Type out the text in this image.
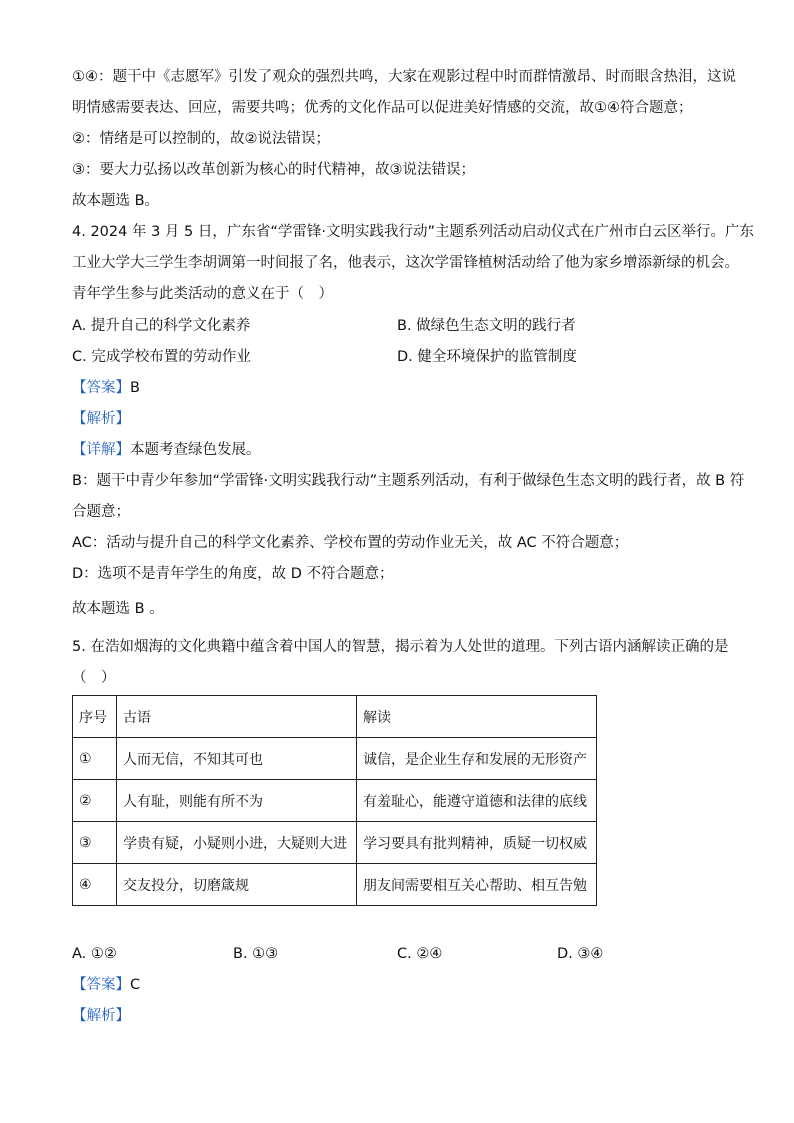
①④：题干中《志愿军》引发了观众的强烈共鸣，大家在观影过程中时而群情激昂、时而眼含热泪，这说
明情感需要表达、回应，需要共鸣；优秀的文化作品可以促进美好情感的交流，故①④符合题意；
②：情绪是可以控制的，故②说法错误；
③：要大力弘扬以改革创新为核心的时代精神，故③说法错误；
故本题选 B。
4. 2024 年 3 月 5 日，广东省“学雷锋·文明实践我行动”主题系列活动启动仪式在广州市白云区举行。广东
工业大学大三学生李胡调第一时间报了名，他表示，这次学雷锋植树活动给了他为家乡增添新绿的机会。
青年学生参与此类活动的意义在于（　）
A. 提升自己的科学文化素养	B. 做绿色生态文明的践行者
C. 完成学校布置的劳动作业	D. 健全环境保护的监管制度
【答案】B
【解析】
【详解】本题考查绿色发展。
B：题干中青少年参加“学雷锋·文明实践我行动”主题系列活动，有利于做绿色生态文明的践行者，故 B 符
合题意；
AC：活动与提升自己的科学文化素养、学校布置的劳动作业无关，故 AC 不符合题意；
D：选项不是青年学生的角度，故 D 不符合题意；
故本题选 B 。
5. 在浩如烟海的文化典籍中蕴含着中国人的智慧，揭示着为人处世的道理。下列古语内涵解读正确的是
（　）
序号	古语	解读
①	人而无信，不知其可也	诚信，是企业生存和发展的无形资产
②	人有耻，则能有所不为	有羞耻心，能遵守道德和法律的底线
③	学贵有疑，小疑则小进，大疑则大进	学习要具有批判精神，质疑一切权威
④	交友投分，切磨箴规	朋友间需要相互关心帮助、相互告勉
A. ①②	B. ①③	C. ②④	D. ③④
【答案】C
【解析】
